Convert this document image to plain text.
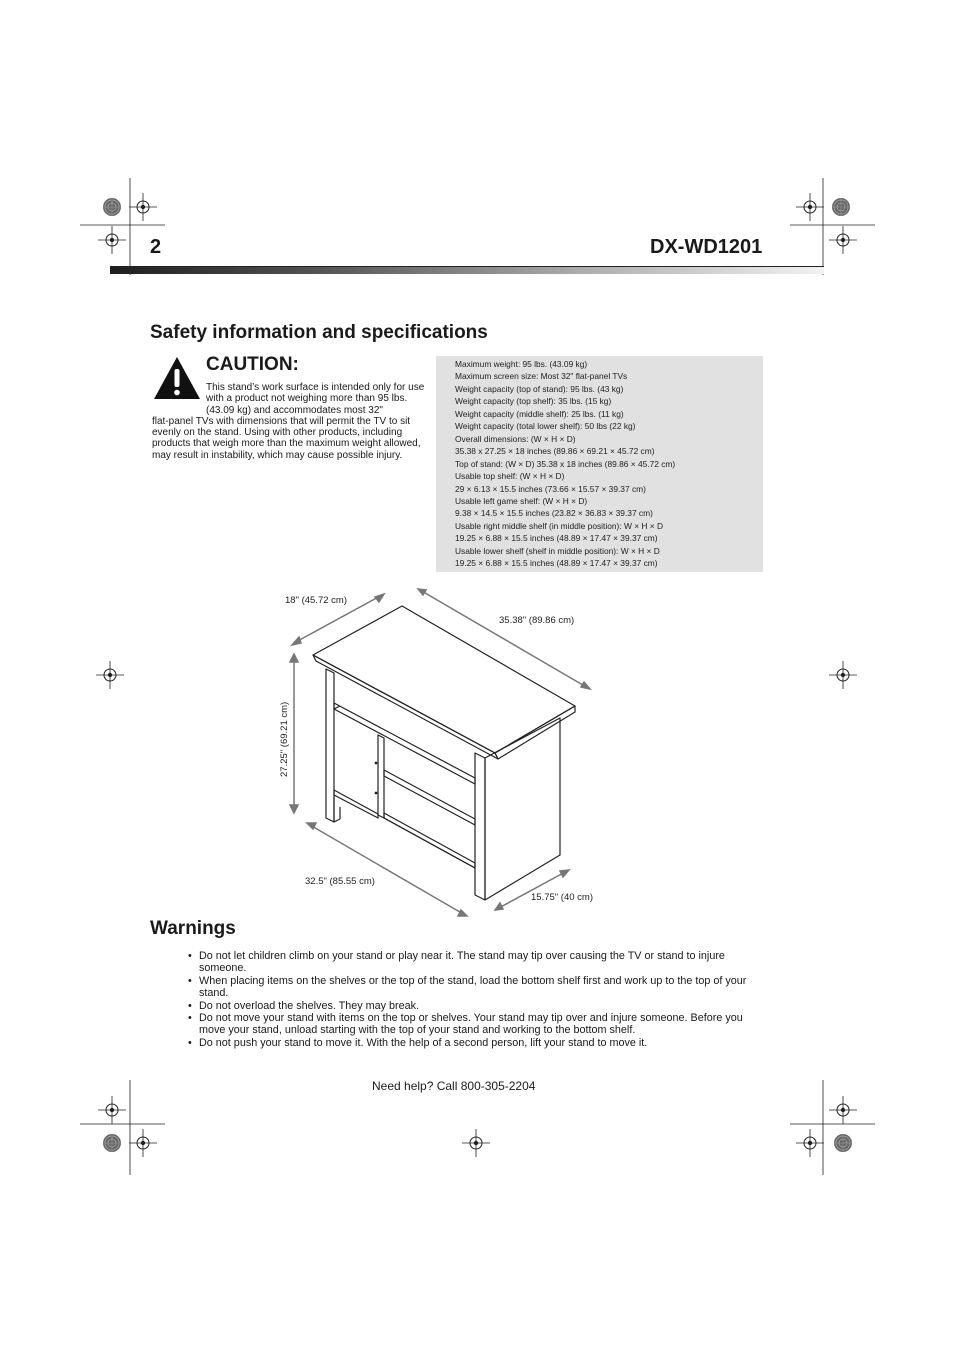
2	DX-WD1201
Safety information and specifications
CAUTION:
This stand’s work surface is intended only for use with a product not weighing more than 95 lbs. (43.09 kg) and accommodates most 32"
flat-panel TVs with dimensions that will permit the TV to sit evenly on the stand. Using with other products, including products that weigh more than the maximum weight allowed, may result in instability, which may cause possible injury.
Maximum weight: 95 lbs. (43.09 kg)
Maximum screen size: Most 32" flat-panel TVs
Weight capacity (top of stand): 95 lbs. (43 kg)
Weight capacity (top shelf): 35 lbs. (15 kg)
Weight capacity (middle shelf): 25 lbs. (11 kg)
Weight capacity (total lower shelf): 50 lbs (22 kg)
Overall dimensions: (W × H × D)
35.38 x 27.25 × 18 inches (89.86 × 69.21 × 45.72 cm)
Top of stand: (W × D) 35.38 x 18 inches (89.86 × 45.72 cm)
Usable top shelf: (W × H × D)
29 × 6.13 × 15.5 inches (73.66 × 15.57 × 39.37 cm)
Usable left game shelf: (W × H × D)
9.38 × 14.5 × 15.5 inches (23.82 × 36.83 × 39.37 cm)
Usable right middle shelf (in middle position): W × H × D
19.25 × 6.88 × 15.5 inches (48.89 × 17.47 × 39.37 cm)
Usable lower shelf (shelf in middle position): W × H × D
19.25 × 6.88 × 15.5 inches (48.89 × 17.47 × 39.37 cm)
18" (45.72 cm)
35.38" (89.86 cm)
27.25" (69.21 cm)
32.5" (85.55 cm)
15.75" (40 cm)
Warnings
• Do not let children climb on your stand or play near it. The stand may tip over causing the TV or stand to injure someone.
• When placing items on the shelves or the top of the stand, load the bottom shelf first and work up to the top of your stand.
• Do not overload the shelves. They may break.
• Do not move your stand with items on the top or shelves. Your stand may tip over and injure someone. Before you move your stand, unload starting with the top of your stand and working to the bottom shelf.
• Do not push your stand to move it. With the help of a second person, lift your stand to move it.
Need help? Call 800-305-2204
